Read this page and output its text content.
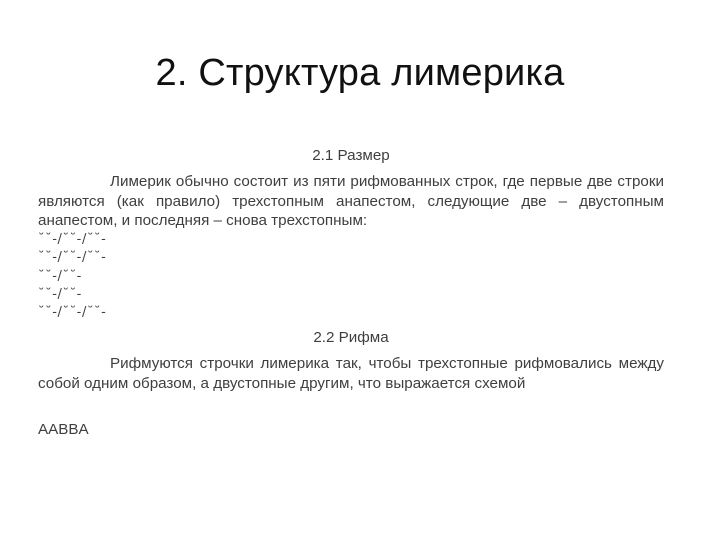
2. Структура лимерика

2.1 Размер

Лимерик обычно состоит из пяти рифмованных строк, где первые две строки являются (как правило) трехстопным анапестом, следующие две – двустопным анапестом, и последняя – снова трехстопным:

˘˘-/˘˘-/˘˘-
˘˘-/˘˘-/˘˘-
˘˘-/˘˘-
˘˘-/˘˘-
˘˘-/˘˘-/˘˘-

2.2 Рифма

Рифмуются строчки лимерика так, чтобы трехстопные рифмовались между собой одним образом, а двустопные другим, что выражается схемой

AABBA
